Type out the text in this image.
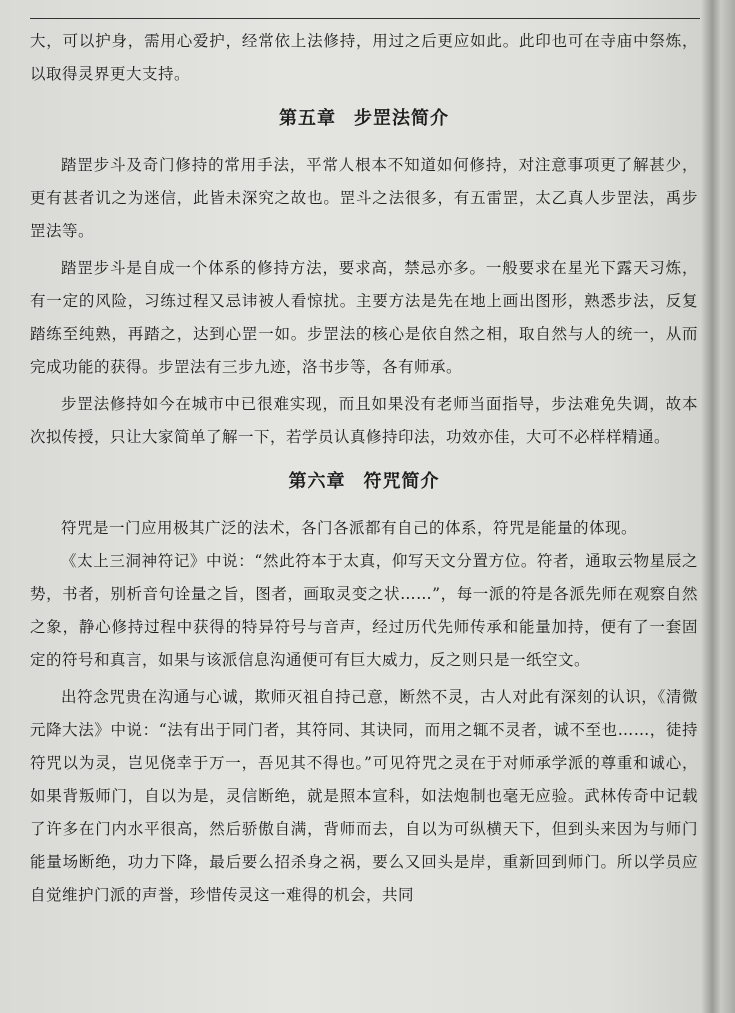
大，可以护身，需用心爱护，经常依上法修持，用过之后更应如此。此印也可在寺庙中祭炼，以取得灵界更大支持。

第五章 步罡法简介

踏罡步斗及奇门修持的常用手法，平常人根本不知道如何修持，对注意事项更了解甚少，更有甚者讥之为迷信，此皆未深究之故也。罡斗之法很多，有五雷罡，太乙真人步罡法，禹步罡法等。

踏罡步斗是自成一个体系的修持方法，要求高，禁忌亦多。一般要求在星光下露天习炼，有一定的风险，习练过程又忌讳被人看惊扰。主要方法是先在地上画出图形，熟悉步法，反复踏练至纯熟，再踏之，达到心罡一如。步罡法的核心是依自然之相，取自然与人的统一，从而完成功能的获得。步罡法有三步九迹，洛书步等，各有师承。

步罡法修持如今在城市中已很难实现，而且如果没有老师当面指导，步法难免失调，故本次拟传授，只让大家简单了解一下，若学员认真修持印法，功效亦佳，大可不必样样精通。

第六章 符咒简介

符咒是一门应用极其广泛的法术，各门各派都有自己的体系，符咒是能量的体现。

《太上三洞神符记》中说：“然此符本于太真，仰写天文分置方位。符者，通取云物星辰之势，书者，别析音句诠量之旨，图者，画取灵变之状……”，每一派的符是各派先师在观察自然之象，静心修持过程中获得的特异符号与音声，经过历代先师传承和能量加持，便有了一套固定的符号和真言，如果与该派信息沟通便可有巨大威力，反之则只是一纸空文。

出符念咒贵在沟通与心诚，欺师灭祖自持己意，断然不灵，古人对此有深刻的认识，《清微元降大法》中说：“法有出于同门者，其符同、其诀同，而用之辄不灵者，诚不至也……，徒持符咒以为灵，岂见侥幸于万一，吾见其不得也。”可见符咒之灵在于对师承学派的尊重和诚心，如果背叛师门，自以为是，灵信断绝，就是照本宣科，如法炮制也毫无应验。武林传奇中记载了许多在门内水平很高，然后骄傲自满，背师而去，自以为可纵横天下，但到头来因为与师门能量场断绝，功力下降，最后要么招杀身之祸，要么又回头是岸，重新回到师门。所以学员应自觉维护门派的声誉，珍惜传灵这一难得的机会，共同
